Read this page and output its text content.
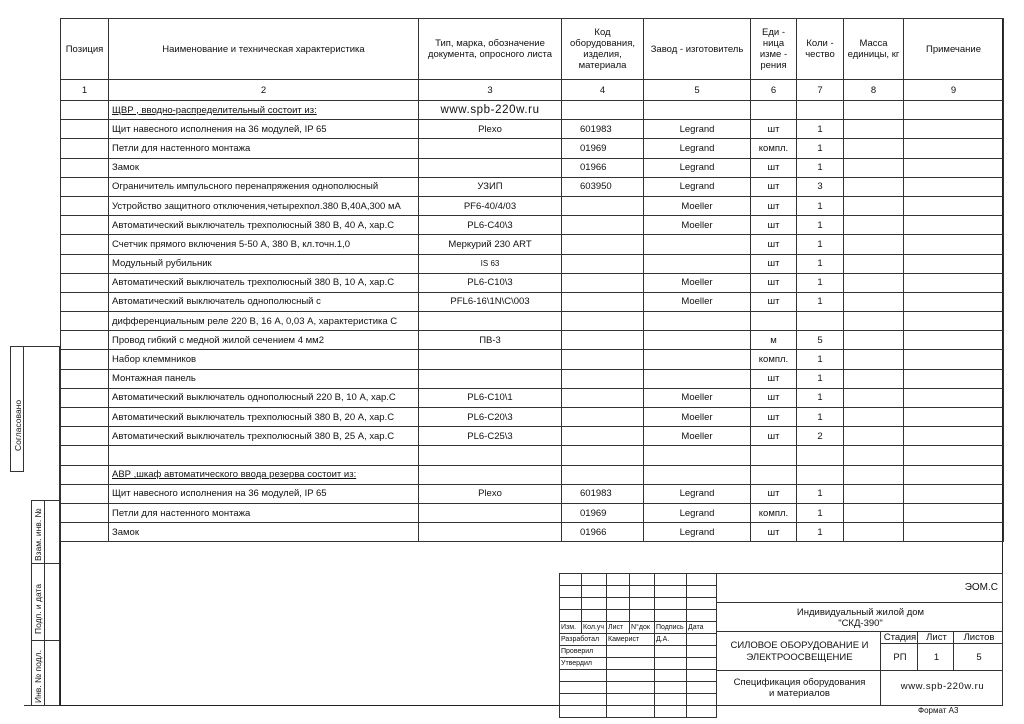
Позиция	Наименование и техническая характеристика	Тип, марка, обозначение документа, опросного листа	Код оборудования, изделия, материала	Завод - изготовитель	Еди - ница изме - рения	Коли - чество	Масса единицы, кг	Примечание
1	2	3	4	5	6	7	8	9
	ЩВР , вводно-распределительный состоит из:	www.spb-220w.ru						
	Щит навесного исполнения на 36 модулей, IP 65	Plexo	601983	Legrand	шт	1		
	Петли для настенного монтажа		01969	Legrand	компл.	1		
	Замок		01966	Legrand	шт	1		
	Ограничитель импульсного перенапряжения однополюсный	УЗИП	603950	Legrand	шт	3		
	Устройство защитного отключения,четырехпол.380 В,40А,300 мА	PF6-40/4/03		Moeller	шт	1		
	Автоматический выключатель трехполюсный 380 В, 40 А, хар.С	PL6-C40\3		Moeller	шт	1		
	Счетчик прямого включения 5-50 А, 380 В, кл.точн.1,0	Меркурий 230 ART			шт	1		
	Модульный рубильник	IS 63			шт	1		
	Автоматический выключатель трехполюсный 380 В, 10 А, хар.С	PL6-C10\3		Moeller	шт	1		
	Автоматический выключатель однополюсный с	PFL6-16\1N\C\003		Moeller	шт	1		
	дифференциальным реле 220 В, 16 А, 0,03 А, характеристика С							
	Провод гибкий с медной жилой сечением 4 мм2	ПВ-3			м	5		
	Набор клеммников				компл.	1		
	Монтажная панель				шт	1		
	Автоматический выключатель однополюсный 220 В, 10 А, хар.С	PL6-C10\1		Moeller	шт	1		
	Автоматический выключатель трехполюсный 380 В, 20 А, хар.С	PL6-C20\3		Moeller	шт	1		
	Автоматический выключатель трехполюсный 380 В, 25 А, хар.С	PL6-C25\3		Moeller	шт	2		

	АВР ,шкаф автоматического ввода резерва состоит из:							
	Щит навесного исполнения на 36 модулей, IP 65	Plexo	601983	Legrand	шт	1		
	Петли для настенного монтажа		01969	Legrand	компл.	1		
	Замок		01966	Legrand	шт	1		
Согласовано
Взам. инв. №
Подп. и дата
Инв. № подл.

Изм.	Кол.уч	Лист	N°док	Подпись	Дата
Разработал		Камерист		Д.А.	
Проверил					
Утвердил					

ЭОМ.С
Индивидуальный жилой дом
"СКД-390"
СИЛОВОЕ ОБОРУДОВАНИЕ И
ЭЛЕКТРООСВЕЩЕНИЕ
Стадия	Лист	Листов
РП	1	5
Спецификация оборудования
и материалов
www.spb-220w.ru
Формат А3
